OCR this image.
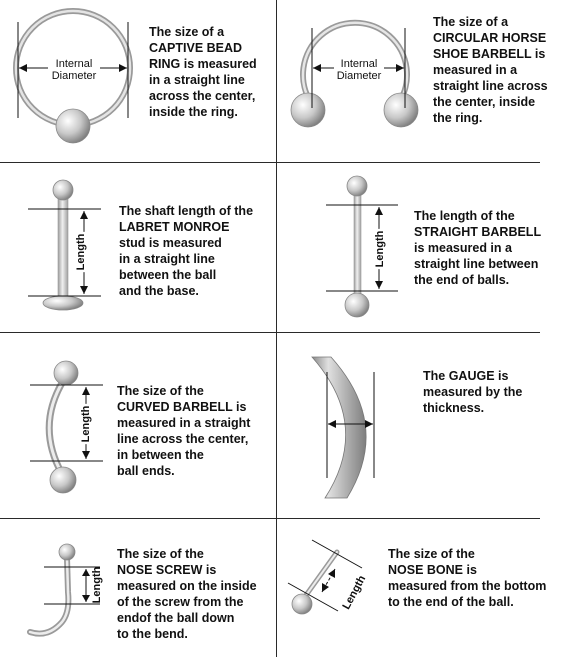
Internal
Diameter

The size of a
CAPTIVE BEAD
RING is measured
in a straight line
across the center,
inside the ring.

Internal
Diameter

The size of a
CIRCULAR HORSE
SHOE BARBELL is
measured in a
straight line across
the center, inside
the ring.

Length

The shaft length of the
LABRET MONROE
stud is measured
in a straight line
between the ball
and the base.

Length

The length of the
STRAIGHT BARBELL
is measured in a
straight line between
the end of balls.

Length

The size of the
CURVED BARBELL is
measured in a straight
line across the center,
in between the
ball ends.

The GAUGE is
measured by the
thickness.

Length

The size of the
NOSE SCREW is
measured on the inside
of the screw from the
endof the ball down
to the bend.

Length

The size of the
NOSE BONE is
measured from the bottom
to the end of the ball.
